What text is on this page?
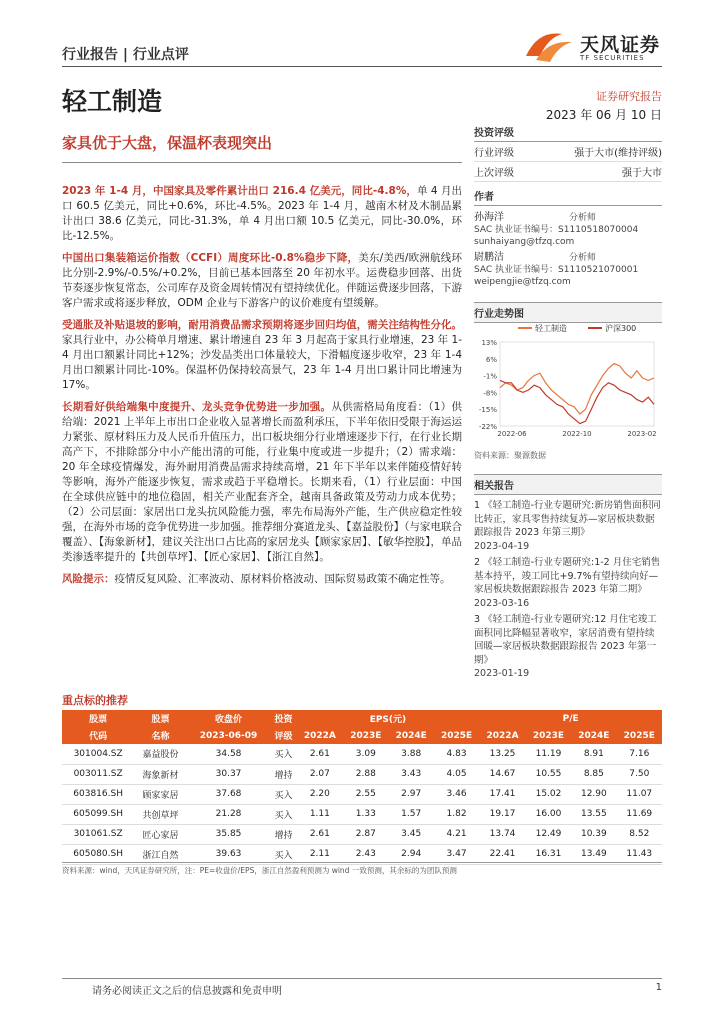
行业报告 | 行业点评	天风证券
TF SECURITIES
轻工制造	证券研究报告
2023 年 06 月 10 日
家具优于大盘，保温杯表现突出

2023 年 1-4 月，中国家具及零件累计出口 216.4 亿美元，同比-4.8%，单 4 月出口 60.5 亿美元，同比+0.6%，环比-4.5%。2023 年 1-4 月，越南木材及木制品累计出口 38.6 亿美元，同比-31.3%，单 4 月出口额 10.5 亿美元，同比-30.0%，环比-12.5%。

中国出口集装箱运价指数（CCFI）周度环比-0.8%稳步下降，美东/美西/欧洲航线环比分别-2.9%/-0.5%/+0.2%，目前已基本回落至 20 年初水平。运费稳步回落、出货节奏逐步恢复常态，公司库存及资金周转情况有望持续优化。伴随运费逐步回落，下游客户需求或将逐步释放，ODM 企业与下游客户的议价难度有望缓解。

受通胀及补贴退坡的影响，耐用消费品需求预期将逐步回归均值，需关注结构性分化。家具行业中，办公椅单月增速、累计增速自 23 年 3 月起高于家具行业增速，23 年 1-4 月出口额累计同比+12%；沙发品类出口体量较大，下滑幅度逐步收窄，23 年 1-4 月出口额累计同比-10%。保温杯仍保持较高景气，23 年 1-4 月出口累计同比增速为 17%。

长期看好供给端集中度提升、龙头竞争优势进一步加强。从供需格局角度看：（1）供给端：2021 上半年上市出口企业收入显著增长而盈利承压，下半年依旧受限于海运运力紧张、原材料压力及人民币升值压力，出口板块细分行业增速逐步下行，在行业长期高产下，不排除部分中小产能出清的可能，行业集中度或进一步提升；（2）需求端：20 年全球疫情爆发，海外耐用消费品需求持续高增，21 年下半年以来伴随疫情好转等影响，海外产能逐步恢复，需求或趋于平稳增长。长期来看，（1）行业层面：中国在全球供应链中的地位稳固，相关产业配套齐全，越南具备政策及劳动力成本优势；（2）公司层面：家居出口龙头抗风险能力强，率先布局海外产能，生产供应稳定性较强，在海外市场的竞争优势进一步加强。推荐细分赛道龙头、【嘉益股份】（与家电联合覆盖）、【海象新材】，建议关注出口占比高的家居龙头【顾家家居】、【敏华控股】，单品类渗透率提升的【共创草坪】、【匠心家居】、【浙江自然】。

风险提示：疫情反复风险、汇率波动、原材料价格波动、国际贸易政策不确定性等。

投资评级
行业评级	强于大市(维持评级)
上次评级	强于大市
作者
孙海洋	分析师
SAC 执业证书编号：S1110518070004
sunhaiyang@tfzq.com
尉鹏洁	分析师
SAC 执业证书编号：S1110521070001
weipengjie@tfzq.com
行业走势图
13%
6%
-1%
-8%
-15%
-22%
2022-06	2022-10	2023-02
轻工制造	沪深300
资料来源：聚源数据
相关报告
1 《轻工制造-行业专题研究:新房销售面积同比转正，家具零售持续复苏—家居板块数据跟踪报告 2023 年第三期》
2023-04-19
2 《轻工制造-行业专题研究:1-2 月住宅销售基本持平，竣工同比+9.7%有望持续向好—家居板块数据跟踪报告 2023 年第二期》
2023-03-16
3 《轻工制造-行业专题研究:12 月住宅竣工面积同比降幅显著收窄，家居消费有望持续回暖—家居板块数据跟踪报告 2023 年第一期》
2023-01-19
重点标的推荐
股票	股票	收盘价	投资	EPS(元)				P/E			
代码	名称	2023-06-09	评级	2022A	2023E	2024E	2025E	2022A	2023E	2024E	2025E
301004.SZ	嘉益股份	34.58	买入	2.61	3.09	3.88	4.83	13.25	11.19	8.91	7.16
003011.SZ	海象新材	30.37	增持	2.07	2.88	3.43	4.05	14.67	10.55	8.85	7.50
603816.SH	顾家家居	37.68	买入	2.20	2.55	2.97	3.46	17.41	15.02	12.90	11.07
605099.SH	共创草坪	21.28	买入	1.11	1.33	1.57	1.82	19.17	16.00	13.55	11.69
301061.SZ	匠心家居	35.85	增持	2.61	2.87	3.45	4.21	13.74	12.49	10.39	8.52
605080.SH	浙江自然	39.63	买入	2.11	2.43	2.94	3.47	22.41	16.31	13.49	11.43
资料来源：wind，天风证券研究所，注：PE=收盘价/EPS，浙江自然盈利预测为 wind 一致预测，其余标的为团队预测
请务必阅读正文之后的信息披露和免责申明	1
